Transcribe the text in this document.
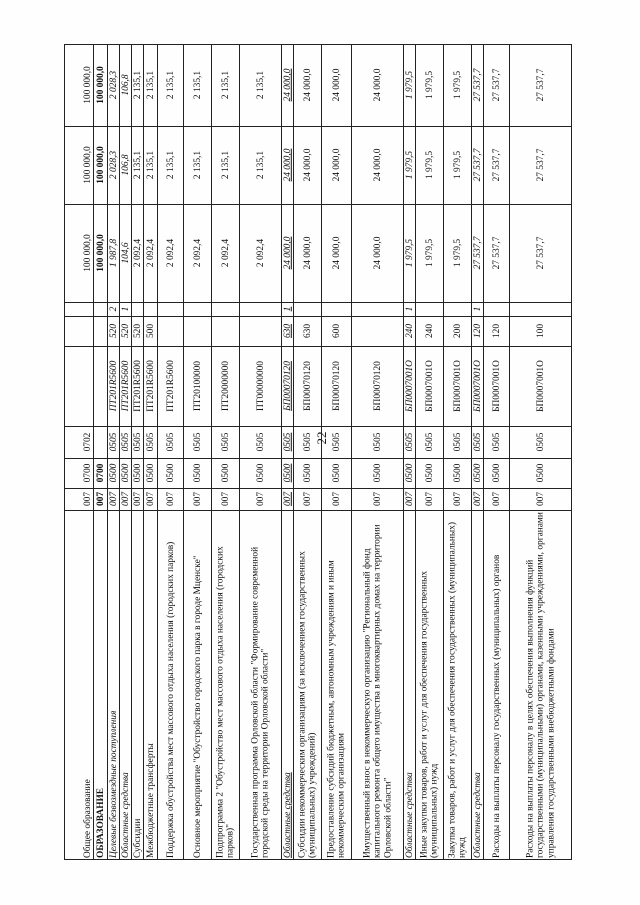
22
27 537,7
27 537,7
27 537,7
100
БП0007001О
0505
0500
007
Расходы на выплаты персоналу в целях обеспечения выполнения функций государственными (муниципальными) органами, казенными учреждениями, органами управления государственными внебюджетными фондами
27 537,7
27 537,7
27 537,7
120
БП0007001О
0505
0500
007
Расходы на выплаты персоналу государственных (муниципальных) органов
27 537,7
27 537,7
27 537,7
1
120
БП0007001О
0505
0500
007
Областные средства
1 979,5
1 979,5
1 979,5
200
БП0007001О
0505
0500
007
Закупка товаров, работ и услуг для обеспечения государственных (муниципальных) нужд
1 979,5
1 979,5
1 979,5
240
БП0007001О
0505
0500
007
Иные закупки товаров, работ и услуг для обеспечения государственных (муниципальных) нужд
1 979,5
1 979,5
1 979,5
1
240
БП0007001О
0505
0500
007
Областные средства
24 000,0
24 000,0
24 000,0
БП00070120
0505
0500
007
Имущественный взнос в некоммерческую организацию "Региональный фонд капитального ремонта общего имущества в многоквартирных домах на территории Орловской области"
24 000,0
24 000,0
24 000,0
600
БП00070120
0505
0500
007
Предоставление субсидий бюджетным, автономным учреждениям и иным некоммерческим организациям
24 000,0
24 000,0
24 000,0
630
БП00070120
0505
0500
007
Субсидии некоммерческим организациям (за исключением государственных (муниципальных) учреждений)
24 000,0
24 000,0
24 000,0
1
630
БП00070120
0505
0500
007
Областные средства
2 135,1
2 135,1
2 092,4
ПТ00000000
0505
0500
007
Государственная программа Орловской области "Формирование современной городской среды на территории Орловской области"
2 135,1
2 135,1
2 092,4
ПТ20000000
0505
0500
007
Подпрограмма 2 "Обустройство мест массового отдыха населения (городских парков)"
2 135,1
2 135,1
2 092,4
ПТ20100000
0505
0500
007
Основное мероприятие "Обустройство городского парка в городе Мценске"
2 135,1
2 135,1
2 092,4
ПТ201R5600
0505
0500
007
Поддержка обустройства мест массового отдыха населения (городских парков)
2 135,1
2 135,1
2 092,4
500
ПТ201R5600
0505
0500
007
Межбюджетные трансферты
2 135,1
2 135,1
2 092,4
520
ПТ201R5600
0505
0500
007
Субсидии
106,8
106,8
104,6
1
520
ПТ201R5600
0505
0500
007
Областные средства
2 028,3
2 028,3
1 987,8
2
520
ПТ201R5600
0505
0500
007
Целевые безвозмездные поступления
100 000,0
100 000,0
100 000,0
0700
007
ОБРАЗОВАНИЕ
100 000,0
100 000,0
100 000,0
0702
0700
007
Общее образование
